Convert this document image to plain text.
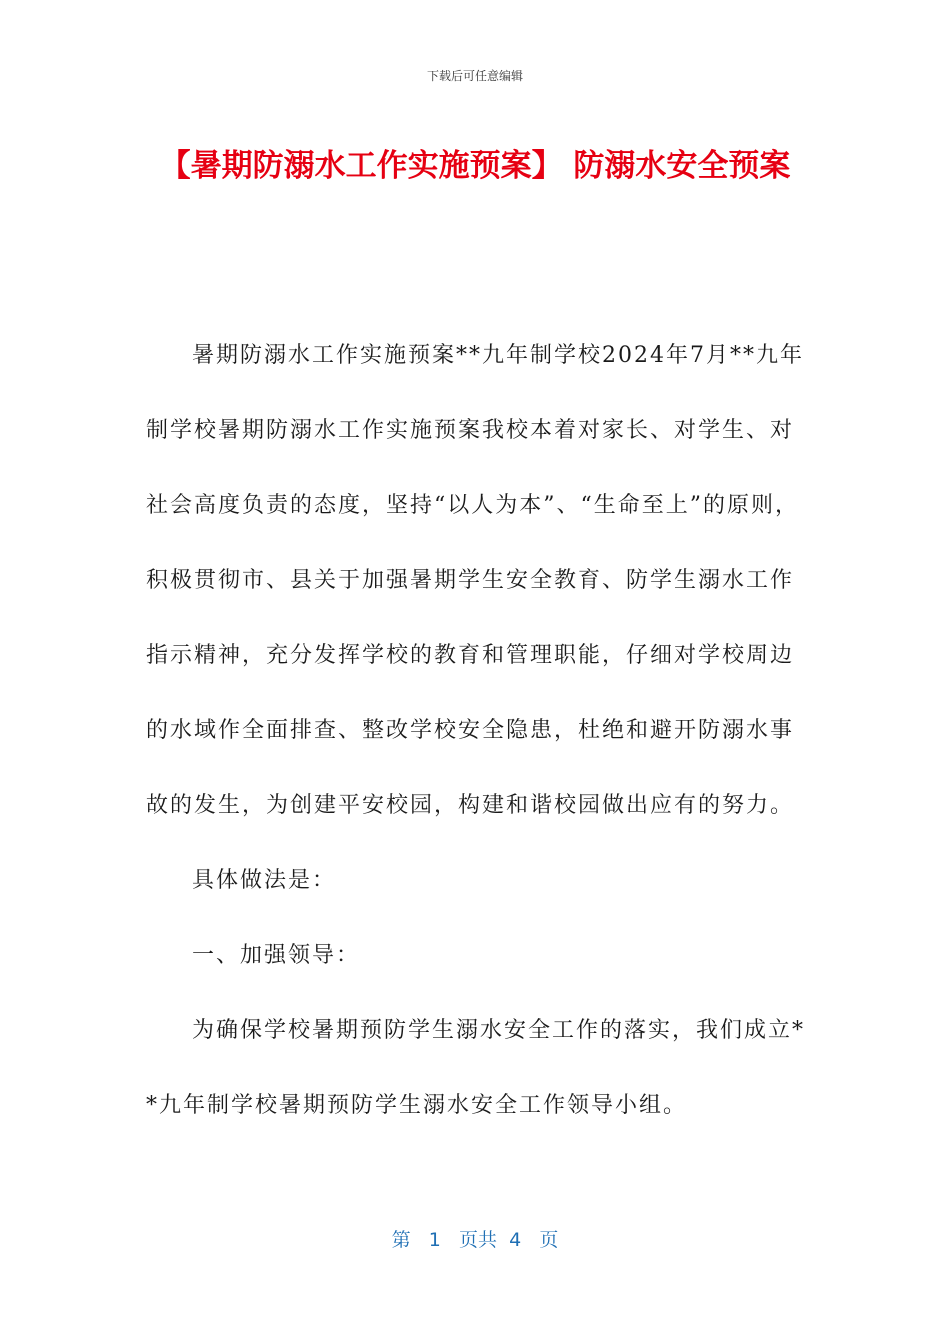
下载后可任意编辑
【暑期防溺水工作实施预案】 防溺水安全预案

暑期防溺水工作实施预案**九年制学校2024年7月**九年制学校暑期防溺水工作实施预案我校本着对家长、对学生、对社会高度负责的态度，坚持“以人为本”、“生命至上”的原则，积极贯彻市、县关于加强暑期学生安全教育、防学生溺水工作指示精神，充分发挥学校的教育和管理职能，仔细对学校周边的水域作全面排查、整改学校安全隐患，杜绝和避开防溺水事故的发生，为创建平安校园，构建和谐校园做出应有的努力。

具体做法是：

一、加强领导：

为确保学校暑期预防学生溺水安全工作的落实，我们成立**九年制学校暑期预防学生溺水安全工作领导小组。

第 1 页共 4 页
